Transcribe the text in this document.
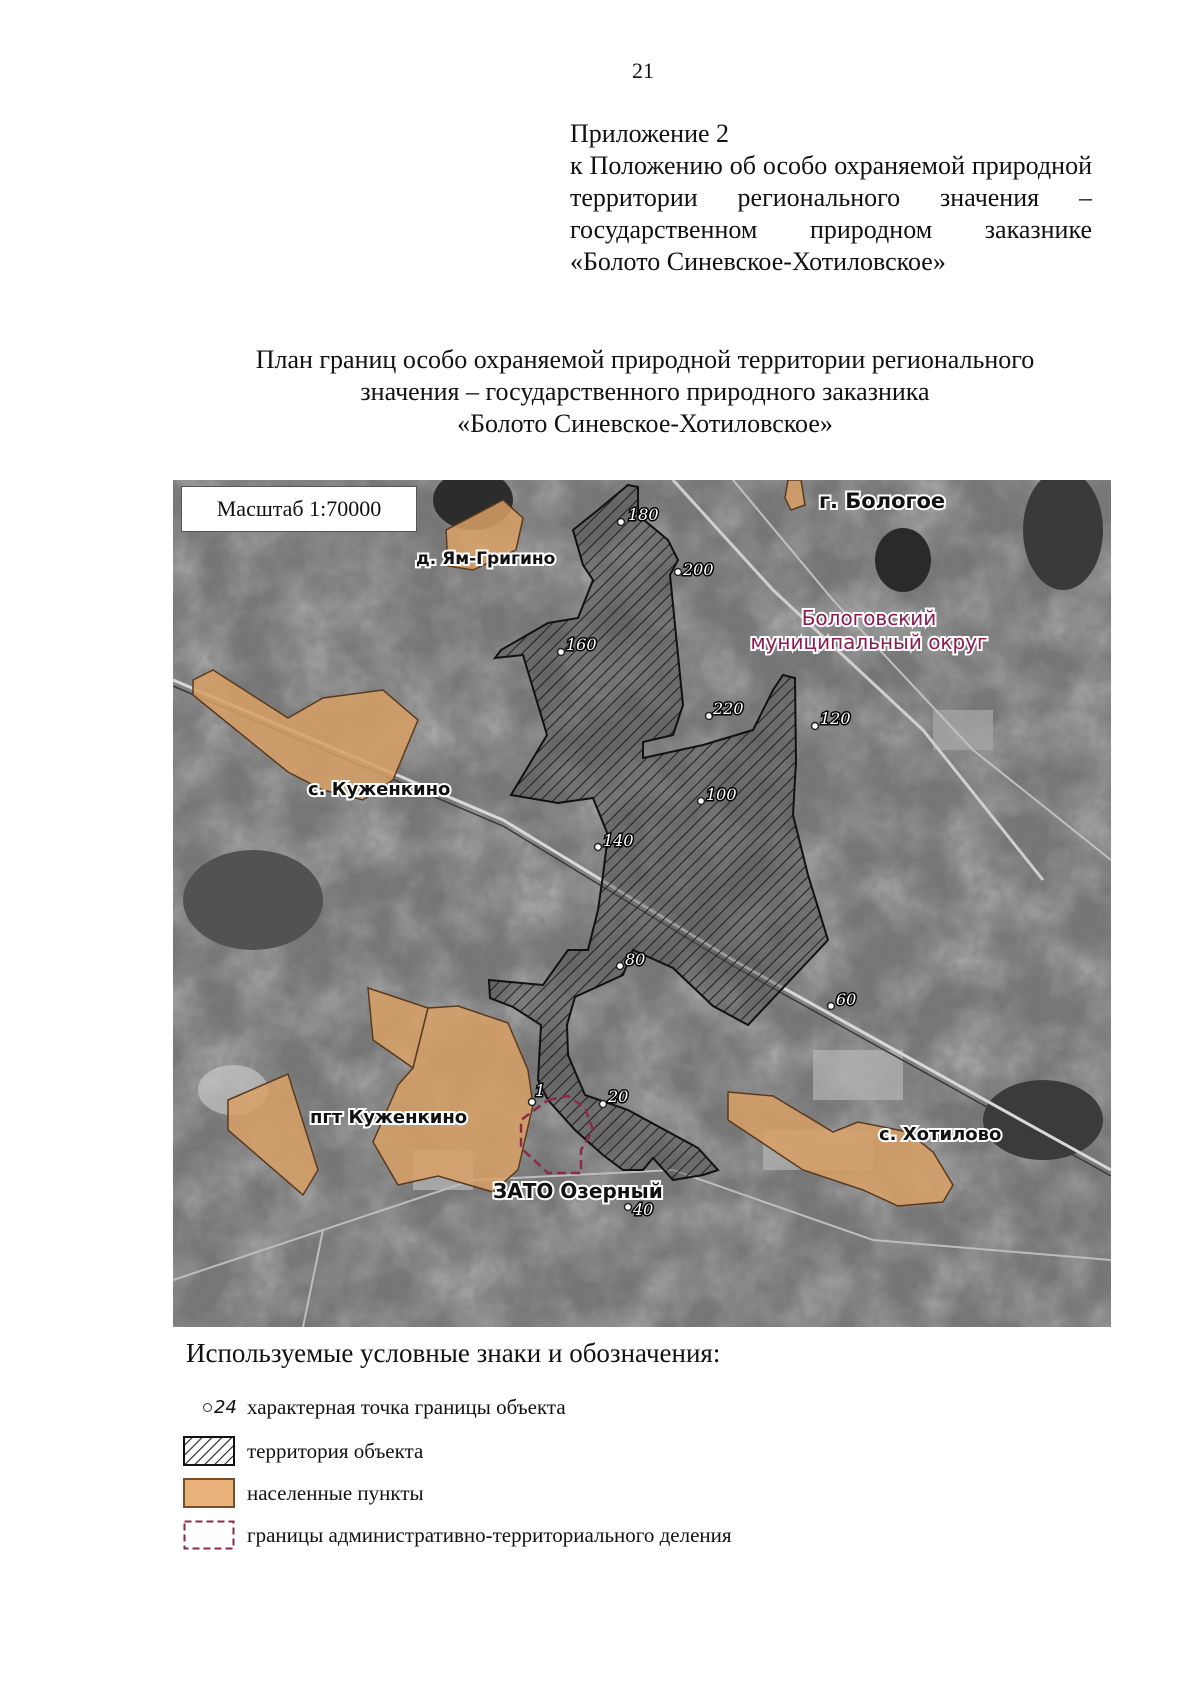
21
Приложение 2
к Положению об особо охраняемой природной территории регионального значения – государственном природном заказнике «Болото Синевское-Хотиловское»
План границ особо охраняемой природной территории регионального
значения – государственного природного заказника
«Болото Синевское-Хотиловское»
180
200
160
220
120
100
140
80
60
1	20
40
г. Бологое
д. Ям-Григино
с. Куженкино
пгт Куженкино
с. Хотилово
ЗАТО Озерный
Бологовский
муниципальный округ
Масштаб 1:70000
Используемые условные знаки и обозначения:
24 характерная точка границы объекта
территория объекта
населенные пункты
границы административно-территориального деления
